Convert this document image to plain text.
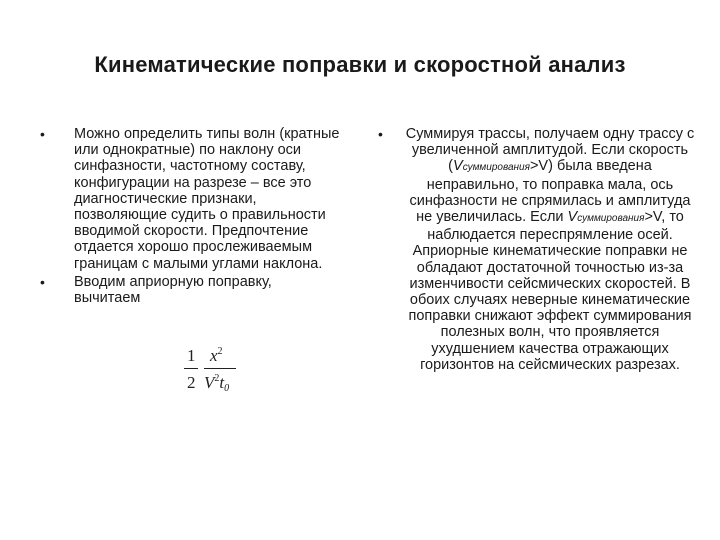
Кинематические поправки и скоростной анализ
• Можно определить типы волн (кратные или однократные) по наклону оси синфазности, частотному составу, конфигурации на разрезе – все это диагностические признаки, позволяющие судить о правильности вводимой скорости. Предпочтение отдается хорошо прослеживаемым границам с малыми углами наклона.
• Вводим априорную поправку,
вычитаем
1
2
$x^2$
$V^2t_0$
• Суммируя трассы, получаем одну трассу с увеличенной амплитудой. Если скорость (Vсуммирования>V) была введена неправильно, то поправка мала, ось синфазности не спрямилась и амплитуда не увеличилась. Если Vсуммирования>V, то наблюдается переспрямление осей. Априорные кинематические поправки не обладают достаточной точностью из-за изменчивости сейсмических скоростей. В обоих случаях неверные кинематические поправки снижают эффект суммирования полезных волн, что проявляется ухудшением качества отражающих горизонтов на сейсмических разрезах.
